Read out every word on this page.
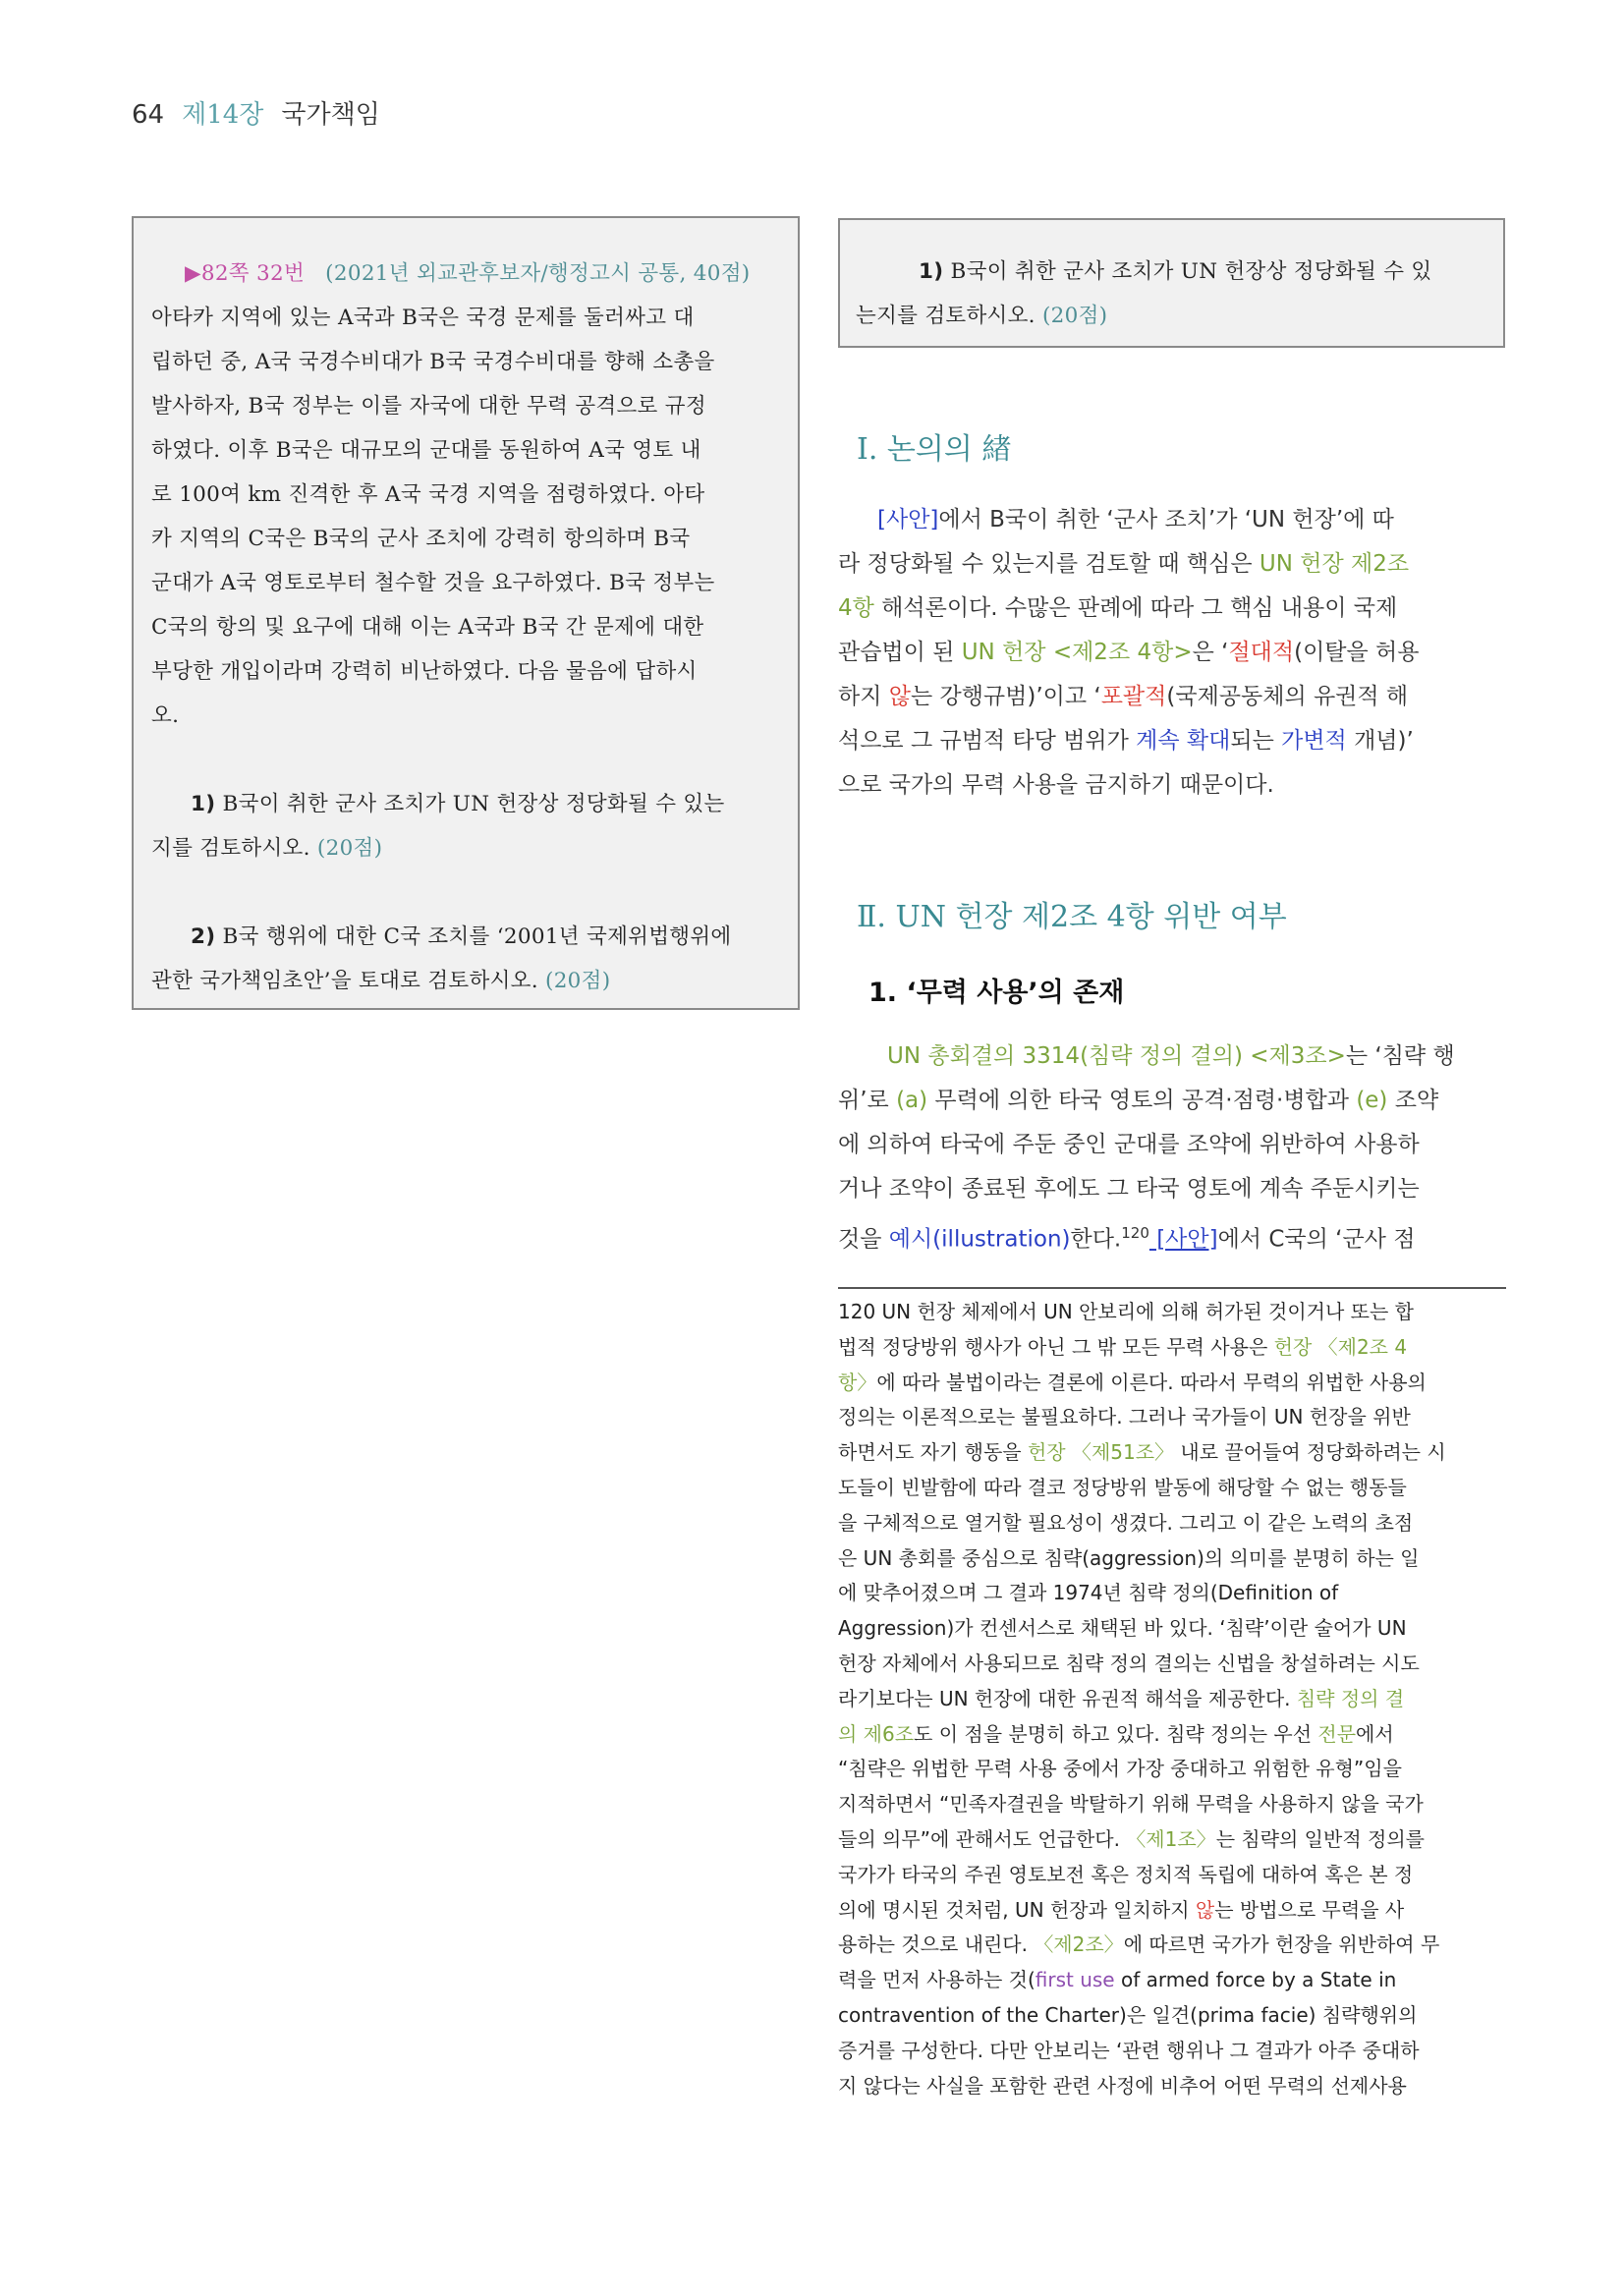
64 제14장 국가책임
▶82쪽 32번 (2021년 외교관후보자/행정고시 공통, 40점)
아타카 지역에 있는 A국과 B국은 국경 문제를 둘러싸고 대
립하던 중, A국 국경수비대가 B국 국경수비대를 향해 소총을
발사하자, B국 정부는 이를 자국에 대한 무력 공격으로 규정
하였다. 이후 B국은 대규모의 군대를 동원하여 A국 영토 내
로 100여 km 진격한 후 A국 국경 지역을 점령하였다. 아타
카 지역의 C국은 B국의 군사 조치에 강력히 항의하며 B국
군대가 A국 영토로부터 철수할 것을 요구하였다. B국 정부는
C국의 항의 및 요구에 대해 이는 A국과 B국 간 문제에 대한
부당한 개입이라며 강력히 비난하였다. 다음 물음에 답하시
오.
1) B국이 취한 군사 조치가 UN 헌장상 정당화될 수 있는
지를 검토하시오. (20점)
2) B국 행위에 대한 C국 조치를 ‘2001년 국제위법행위에
관한 국가책임초안’을 토대로 검토하시오. (20점)
1) B국이 취한 군사 조치가 UN 헌장상 정당화될 수 있
는지를 검토하시오. (20점)
Ⅰ. 논의의 緖
[사안]에서 B국이 취한 ‘군사 조치’가 ‘UN 헌장’에 따
라 정당화될 수 있는지를 검토할 때 핵심은 UN 헌장 제2조
4항 해석론이다. 수많은 판례에 따라 그 핵심 내용이 국제
관습법이 된 UN 헌장 <제2조 4항>은 ‘절대적(이탈을 허용
하지 않는 강행규범)’이고 ‘포괄적(국제공동체의 유권적 해
석으로 그 규범적 타당 범위가 계속 확대되는 가변적 개념)’
으로 국가의 무력 사용을 금지하기 때문이다.
Ⅱ. UN 헌장 제2조 4항 위반 여부
1. ‘무력 사용’의 존재
UN 총회결의 3314(침략 정의 결의) <제3조>는 ‘침략 행
위’로 (a) 무력에 의한 타국 영토의 공격·점령·병합과 (e) 조약
에 의하여 타국에 주둔 중인 군대를 조약에 위반하여 사용하
거나 조약이 종료된 후에도 그 타국 영토에 계속 주둔시키는
것을 예시(illustration)한다.$^{120}$ [사안]에서 C국의 ‘군사 점
120 UN 헌장 체제에서 UN 안보리에 의해 허가된 것이거나 또는 합
법적 정당방위 행사가 아닌 그 밖 모든 무력 사용은 헌장 〈제2조 4
항〉에 따라 불법이라는 결론에 이른다. 따라서 무력의 위법한 사용의
정의는 이론적으로는 불필요하다. 그러나 국가들이 UN 헌장을 위반
하면서도 자기 행동을 헌장 〈제51조〉 내로 끌어들여 정당화하려는 시
도들이 빈발함에 따라 결코 정당방위 발동에 해당할 수 없는 행동들
을 구체적으로 열거할 필요성이 생겼다. 그리고 이 같은 노력의 초점
은 UN 총회를 중심으로 침략(aggression)의 의미를 분명히 하는 일
에 맞추어졌으며 그 결과 1974년 침략 정의(Definition of
Aggression)가 컨센서스로 채택된 바 있다. ‘침략’이란 술어가 UN
헌장 자체에서 사용되므로 침략 정의 결의는 신법을 창설하려는 시도
라기보다는 UN 헌장에 대한 유권적 해석을 제공한다. 침략 정의 결
의 제6조도 이 점을 분명히 하고 있다. 침략 정의는 우선 전문에서
“침략은 위법한 무력 사용 중에서 가장 중대하고 위험한 유형”임을
지적하면서 “민족자결권을 박탈하기 위해 무력을 사용하지 않을 국가
들의 의무”에 관해서도 언급한다. 〈제1조〉는 침략의 일반적 정의를
국가가 타국의 주권 영토보전 혹은 정치적 독립에 대하여 혹은 본 정
의에 명시된 것처럼, UN 헌장과 일치하지 않는 방법으로 무력을 사
용하는 것으로 내린다. 〈제2조〉에 따르면 국가가 헌장을 위반하여 무
력을 먼저 사용하는 것(first use of armed force by a State in
contravention of the Charter)은 일견(prima facie) 침략행위의
증거를 구성한다. 다만 안보리는 ‘관련 행위나 그 결과가 아주 중대하
지 않다는 사실을 포함한 관련 사정에 비추어 어떤 무력의 선제사용
